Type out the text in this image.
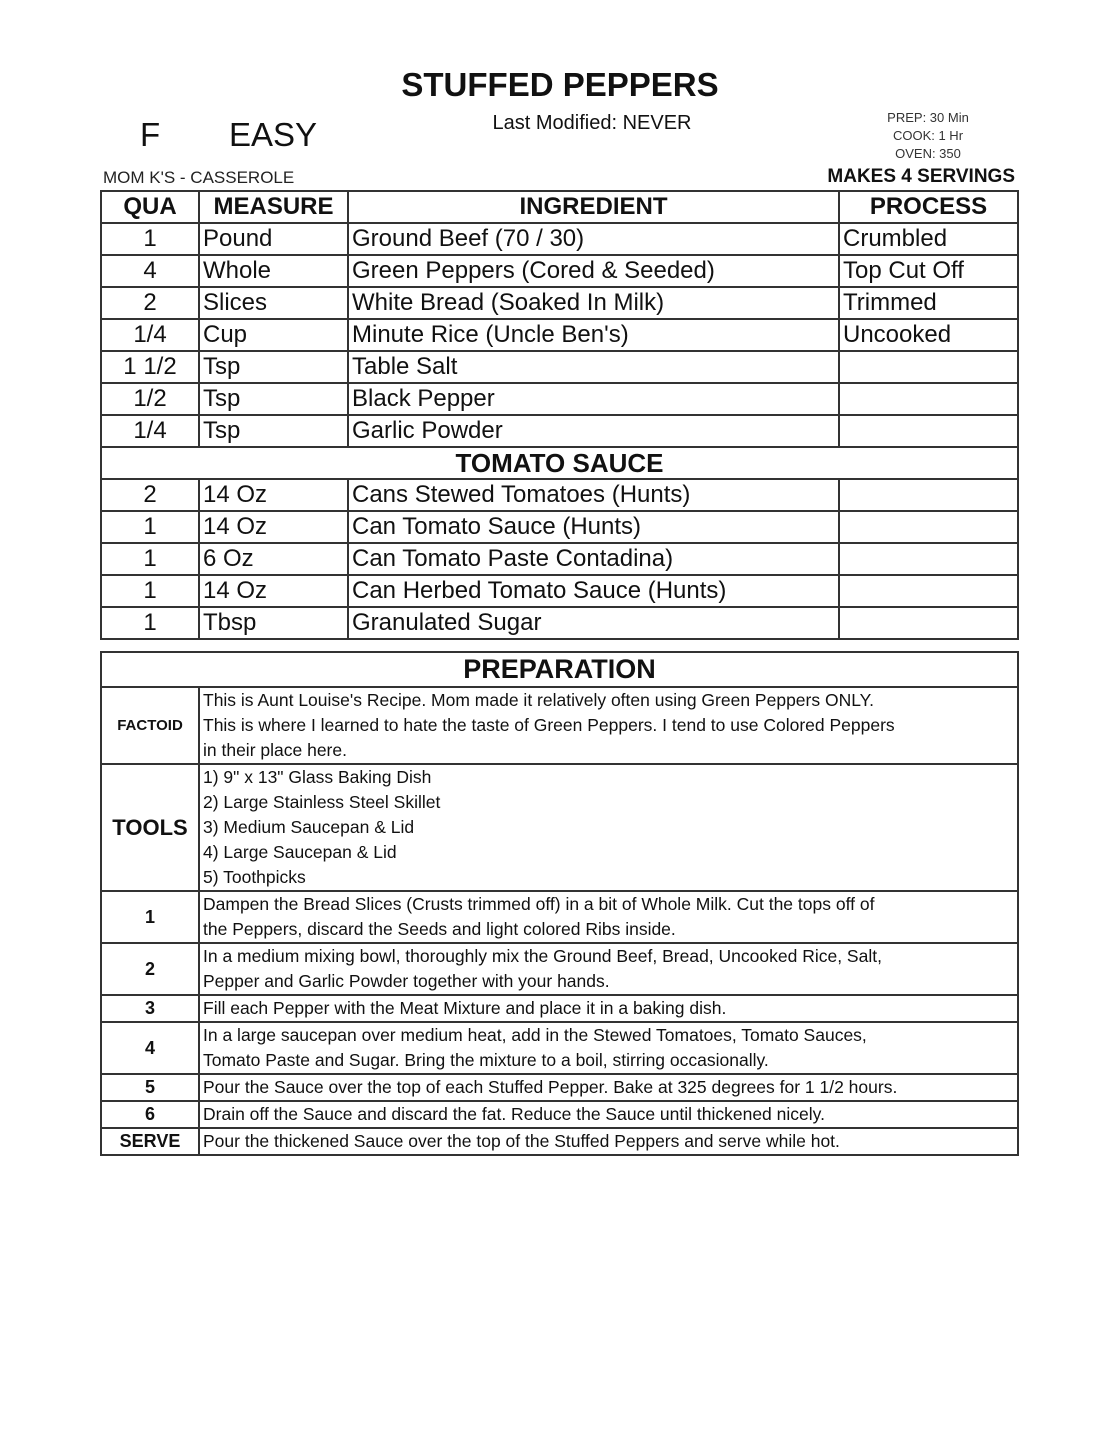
STUFFED PEPPERS
Last Modified: NEVER
F EASY	PREP: 30 Min
COOK: 1 Hr
OVEN: 350
MOM K'S - CASSEROLE	MAKES 4 SERVINGS
QUA	MEASURE	INGREDIENT	PROCESS
1	Pound	Ground Beef (70 / 30)	Crumbled
4	Whole	Green Peppers (Cored & Seeded)	Top Cut Off
2	Slices	White Bread (Soaked In Milk)	Trimmed
1/4	Cup	Minute Rice (Uncle Ben's)	Uncooked
1 1/2	Tsp	Table Salt	
1/2	Tsp	Black Pepper	
1/4	Tsp	Garlic Powder	
TOMATO SAUCE			
2	14 Oz	Cans Stewed Tomatoes (Hunts)	
1	14 Oz	Can Tomato Sauce (Hunts)	
1	6 Oz	Can Tomato Paste Contadina)	
1	14 Oz	Can Herbed Tomato Sauce (Hunts)	
1	Tbsp	Granulated Sugar	
PREPARATION	
FACTOID	This is Aunt Louise's Recipe. Mom made it relatively often using Green Peppers ONLY.
This is where I learned to hate the taste of Green Peppers. I tend to use Colored Peppers
in their place here.

TOOLS	1) 9" x 13" Glass Baking Dish
2) Large Stainless Steel Skillet
3) Medium Saucepan & Lid
4) Large Saucepan & Lid
5) Toothpicks

1	Dampen the Bread Slices (Crusts trimmed off) in a bit of Whole Milk. Cut the tops off of
the Peppers, discard the Seeds and light colored Ribs inside.

2	In a medium mixing bowl, thoroughly mix the Ground Beef, Bread, Uncooked Rice, Salt,
Pepper and Garlic Powder together with your hands.

3	Fill each Pepper with the Meat Mixture and place it in a baking dish.

4	In a large saucepan over medium heat, add in the Stewed Tomatoes, Tomato Sauces,
Tomato Paste and Sugar. Bring the mixture to a boil, stirring occasionally.

5	Pour the Sauce over the top of each Stuffed Pepper. Bake at 325 degrees for 1 1/2 hours.

6	Drain off the Sauce and discard the fat. Reduce the Sauce until thickened nicely.

SERVE	Pour the thickened Sauce over the top of the Stuffed Peppers and serve while hot.
